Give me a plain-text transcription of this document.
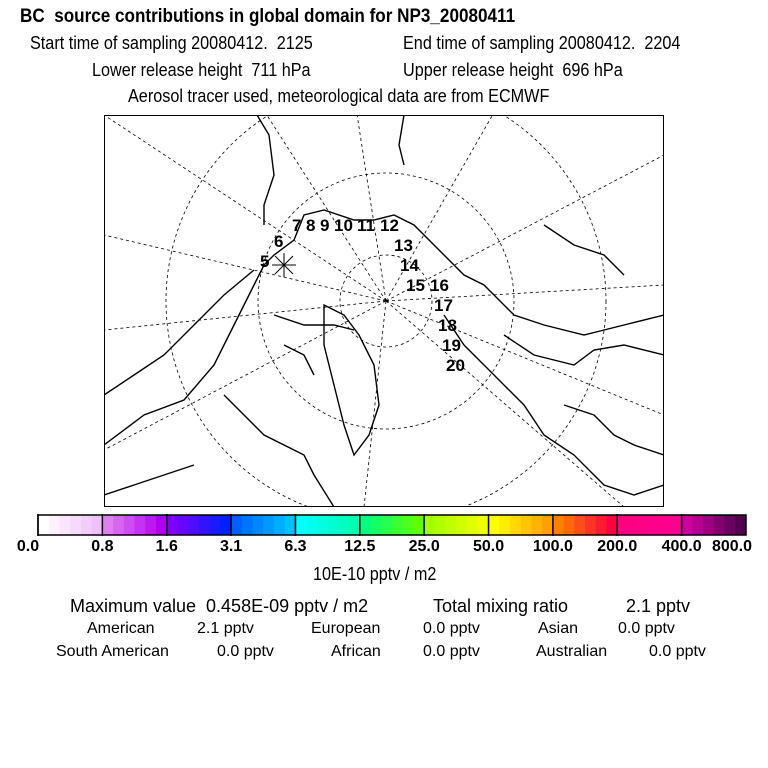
BC  source contributions in global domain for NP3_20080411
Start time of sampling 20080412.  2125	End time of sampling 20080412.  2204
Lower release height  711 hPa	Upper release height  696 hPa
Aerosol tracer used, meteorological data are from ECMWF
5
6
7 8 9 10 11 12
13
14
15 16
17
18
19
20
0.0	0.8	1.6	3.1	6.3 12.5 25.0 50.0 100.0 200.0 400.0 800.0
10E-10 pptv / m2
Maximum value  0.458E-09 pptv / m2	Total mixing ratio	2.1 pptv
American	2.1 pptv	European	0.0 pptv	Asian 0.0 pptv
South American	0.0 pptv	African	0.0 pptv	Australian	0.0 pptv
